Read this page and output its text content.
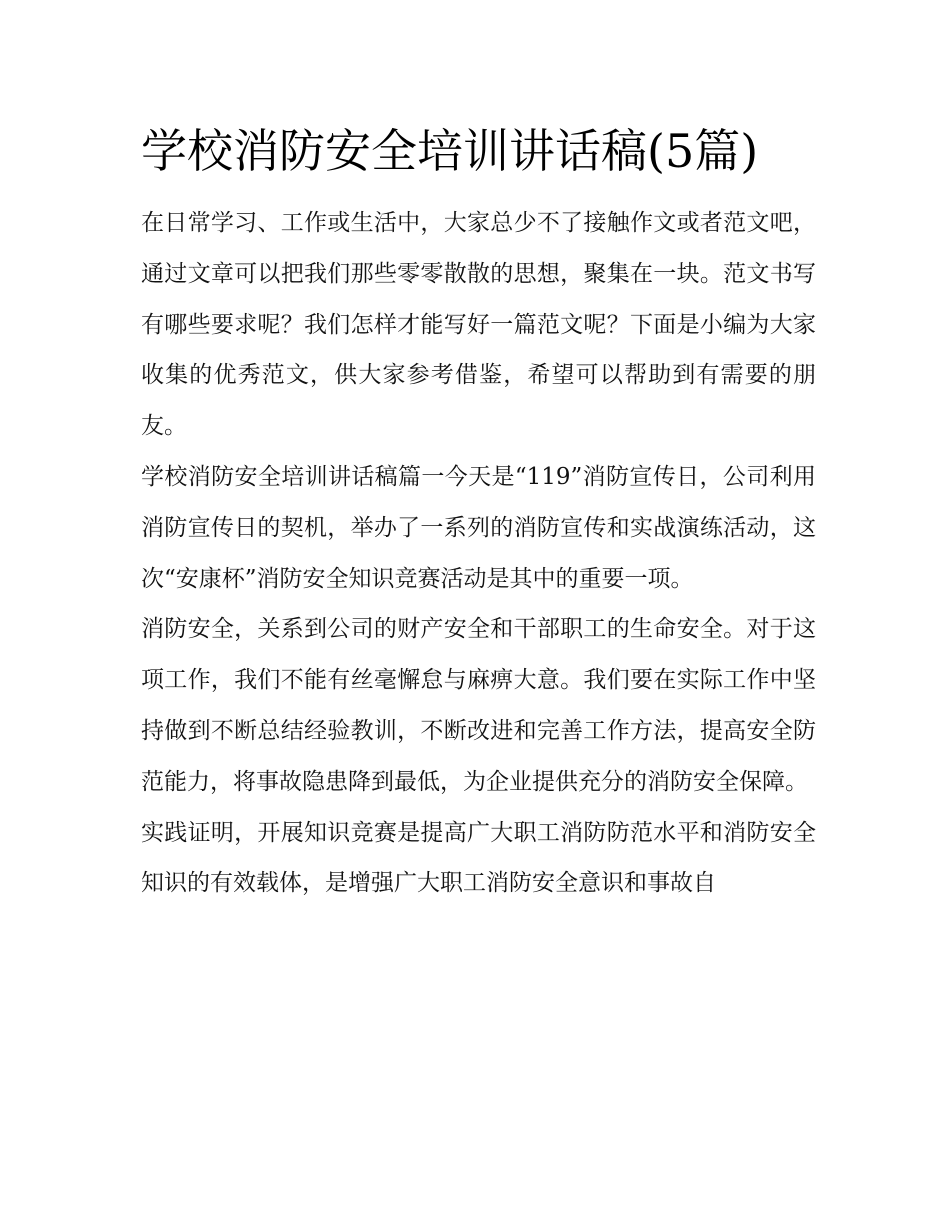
学校消防安全培训讲话稿(5篇)

在日常学习、工作或生活中，大家总少不了接触作文或者范文吧，通过文章可以把我们那些零零散散的思想，聚集在一块。范文书写有哪些要求呢？我们怎样才能写好一篇范文呢？下面是小编为大家收集的优秀范文，供大家参考借鉴，希望可以帮助到有需要的朋友。

学校消防安全培训讲话稿篇一今天是“119”消防宣传日，公司利用消防宣传日的契机，举办了一系列的消防宣传和实战演练活动，这次“安康杯”消防安全知识竞赛活动是其中的重要一项。

消防安全，关系到公司的财产安全和干部职工的生命安全。对于这项工作，我们不能有丝毫懈怠与麻痹大意。我们要在实际工作中坚持做到不断总结经验教训，不断改进和完善工作方法，提高安全防范能力，将事故隐患降到最低，为企业提供充分的消防安全保障。

实践证明，开展知识竞赛是提高广大职工消防防范水平和消防安全知识的有效载体，是增强广大职工消防安全意识和事故自
